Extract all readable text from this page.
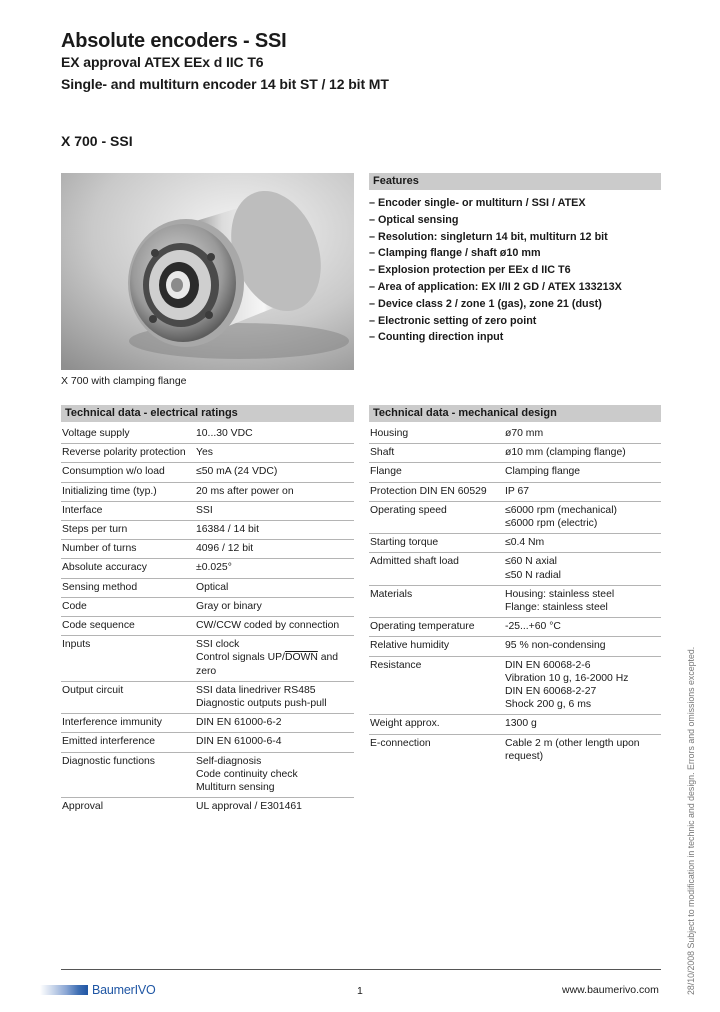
Absolute encoders - SSI
EX approval ATEX EEx d IIC T6
Single- and multiturn encoder 14 bit ST / 12 bit MT
X 700 - SSI
X 700 with clamping flange
Features
– Encoder single- or multiturn / SSI / ATEX
– Optical sensing
– Resolution: singleturn 14 bit, multiturn 12 bit
– Clamping flange / shaft ø10 mm
– Explosion protection per EEx d IIC T6
– Area of application: EX I/II 2 GD / ATEX 133213X
– Device class 2 / zone 1 (gas), zone 21 (dust)
– Electronic setting of zero point
– Counting direction input
Technical data - electrical ratings
Voltage supply	10...30 VDC
Reverse polarity protection	Yes
Consumption w/o load	≤50 mA (24 VDC)
Initializing time (typ.)	20 ms after power on
Interface	SSI
Steps per turn	16384 / 14 bit
Number of turns	4096 / 12 bit
Absolute accuracy	±0.025°
Sensing method	Optical
Code	Gray or binary
Code sequence	CW/CCW coded by connection
Inputs	SSI clock
Control signals UP/DOWN and
zero
Output circuit	SSI data linedriver RS485
Diagnostic outputs push-pull
Interference immunity	DIN EN 61000-6-2
Emitted interference	DIN EN 61000-6-4
Diagnostic functions	Self-diagnosis
Code continuity check
Multiturn sensing
Approval	UL approval / E301461
Technical data - mechanical design
Housing	ø70 mm
Shaft	ø10 mm (clamping flange)
Flange	Clamping flange
Protection DIN EN 60529	IP 67
Operating speed	≤6000 rpm (mechanical)
≤6000 rpm (electric)
Starting torque	≤0.4 Nm
Admitted shaft load	≤60 N axial
≤50 N radial
Materials	Housing: stainless steel
Flange: stainless steel
Operating temperature	-25...+60 °C
Relative humidity	95 % non-condensing
Resistance	DIN EN 60068-2-6
Vibration 10 g, 16-2000 Hz
DIN EN 60068-2-27
Shock 200 g, 6 ms
Weight approx.	1300 g
E-connection	Cable 2 m (other length upon
request)
BaumerIVO	1	www.baumerivo.com	28/10/2008 Subject to modification in technic and design. Errors and omissions excepted.
